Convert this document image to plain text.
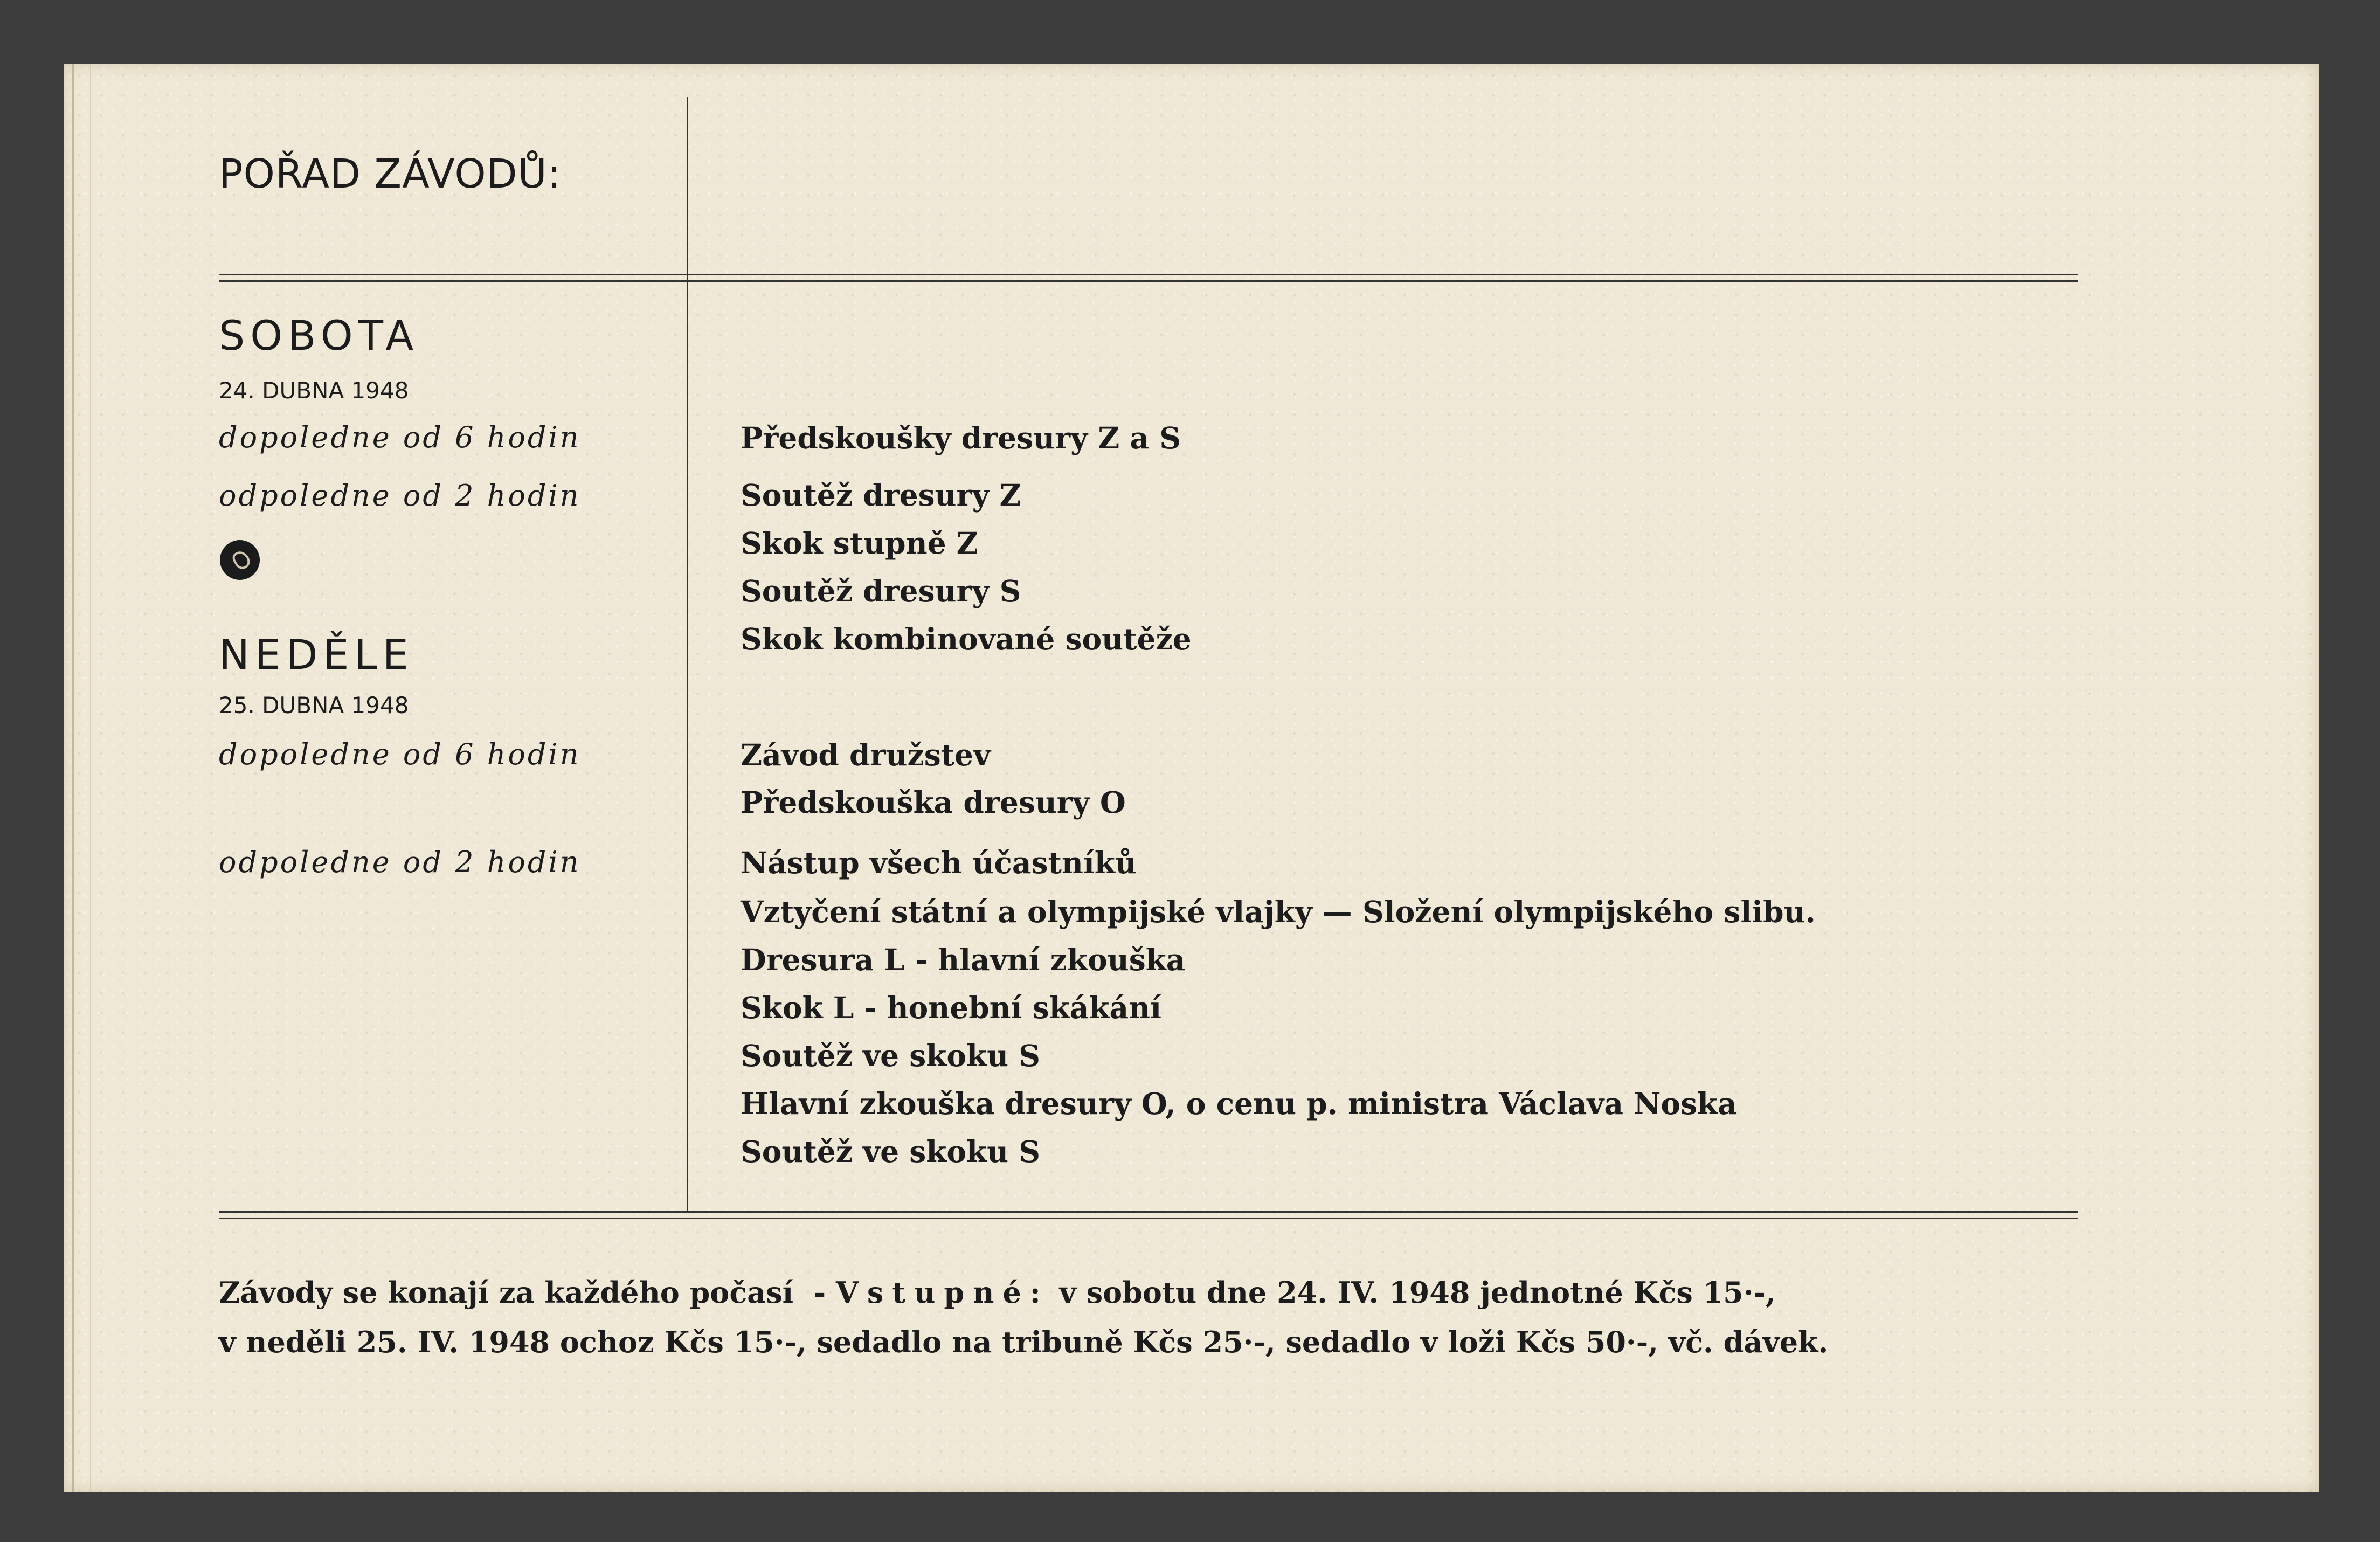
POŘAD ZÁVODŮ:
SOBOTA
24. DUBNA 1948
dopoledne od 6 hodin
odpoledne od 2 hodin
Předskoušky dresury Z a S
Soutěž dresury Z
Skok stupně Z
Soutěž dresury S
Skok kombinované soutěže
NEDĚLE
25. DUBNA 1948
dopoledne od 6 hodin
odpoledne od 2 hodin
Závod družstev
Předskouška dresury O
Nástup všech účastníků
Vztyčení státní a olympijské vlajky — Složení olympijského slibu.
Dresura L - hlavní zkouška
Skok L - honební skákání
Soutěž ve skoku S
Hlavní zkouška dresury O, o cenu p. ministra Václava Noska
Soutěž ve skoku S
Závody se konají za každého počasí  - Vstupné: v sobotu dne 24. IV. 1948 jednotné Kčs 15·-,
v neděli 25. IV. 1948 ochoz Kčs 15·-, sedadlo na tribuně Kčs 25·-, sedadlo v loži Kčs 50·-, vč. dávek.
